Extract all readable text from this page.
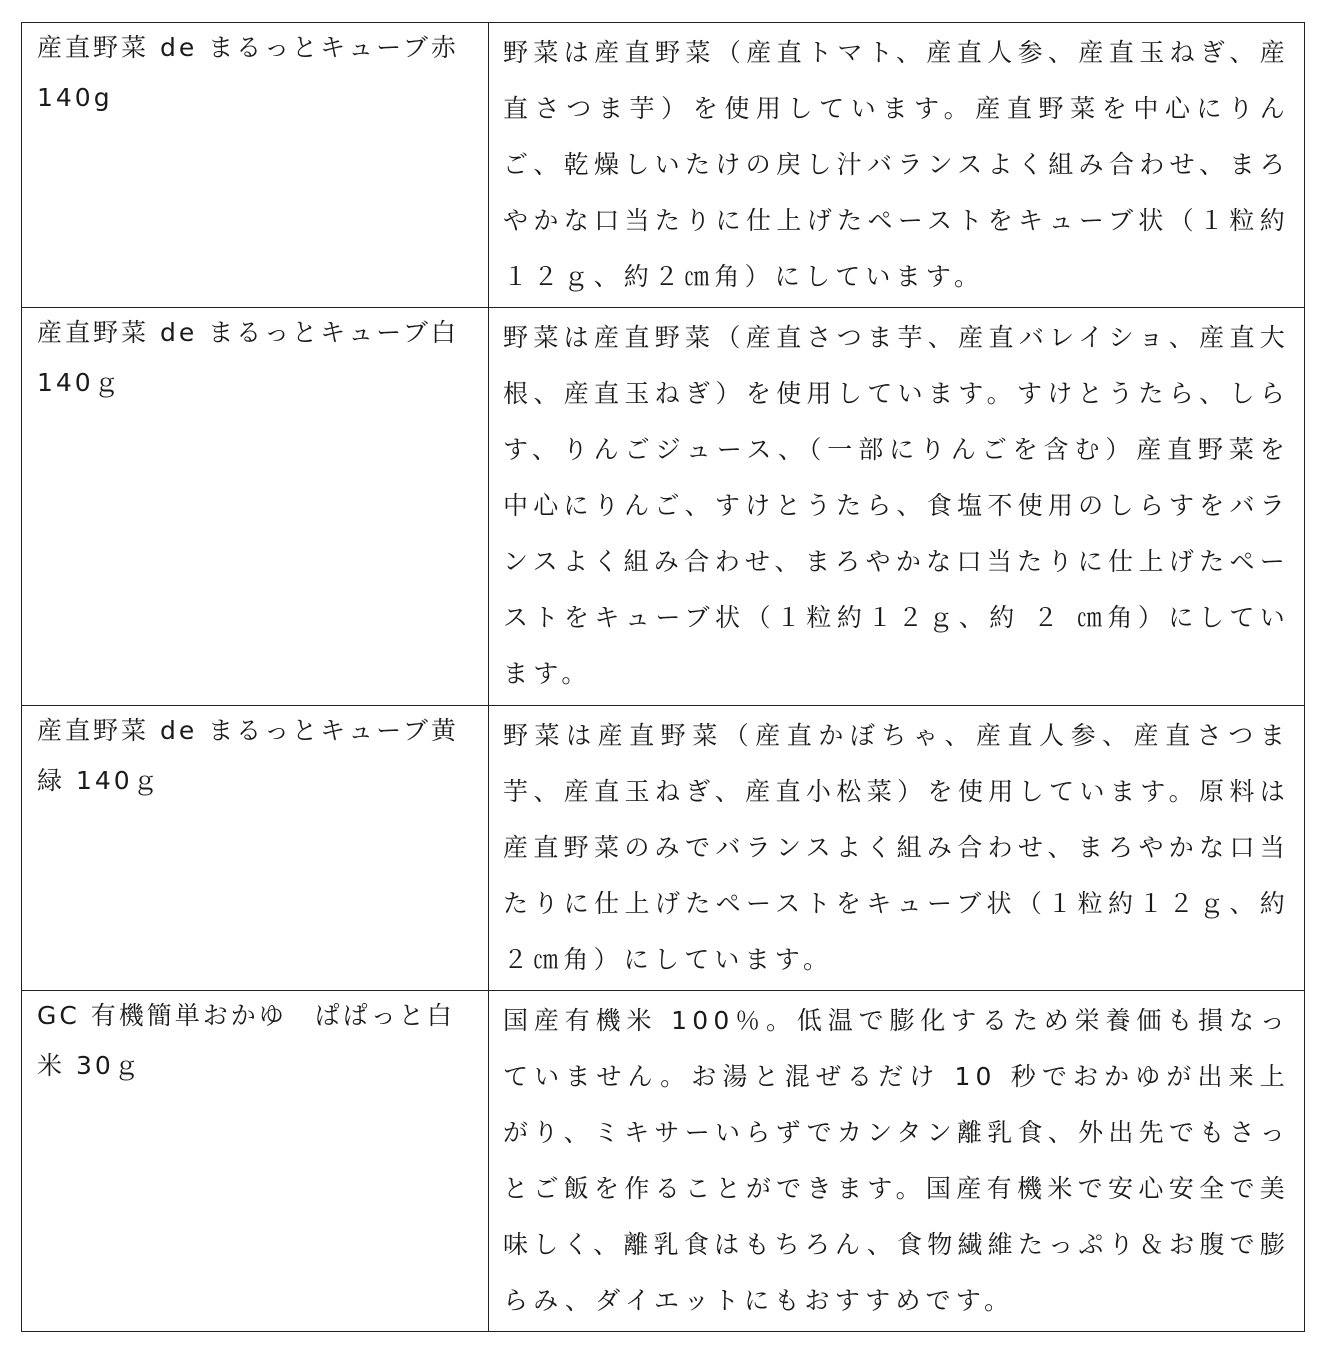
産直野菜 de まるっとキューブ赤 140g	野菜は産直野菜（産直トマト、産直人参、産直玉ねぎ、産直さつま芋）を使用しています。産直野菜を中心にりんご、乾燥しいたけの戻し汁バランスよく組み合わせ、まろやかな口当たりに仕上げたペーストをキューブ状（１粒約１２ｇ、約２㎝角）にしています。
産直野菜 de まるっとキューブ白 140ｇ	野菜は産直野菜（産直さつま芋、産直バレイショ、産直大根、産直玉ねぎ）を使用しています。すけとうたら、しらす、りんごジュース、（一部にりんごを含む）産直野菜を中心にりんご、すけとうたら、食塩不使用のしらすをバランスよく組み合わせ、まろやかな口当たりに仕上げたペーストをキューブ状（１粒約１２ｇ、約 ２ ㎝角）にしています。
産直野菜 de まるっとキューブ黄緑 140ｇ	野菜は産直野菜（産直かぼちゃ、産直人参、産直さつま芋、産直玉ねぎ、産直小松菜）を使用しています。原料は産直野菜のみでバランスよく組み合わせ、まろやかな口当たりに仕上げたペーストをキューブ状（１粒約１２ｇ、約２㎝角）にしています。
GC 有機簡単おかゆ　ぱぱっと白米 30ｇ	国産有機米 100％。低温で膨化するため栄養価も損なっていません。お湯と混ぜるだけ 10 秒でおかゆが出来上がり、ミキサーいらずでカンタン離乳食、外出先でもさっとご飯を作ることができます。国産有機米で安心安全で美味しく、離乳食はもちろん、食物繊維たっぷり＆お腹で膨らみ、ダイエットにもおすすめです。
